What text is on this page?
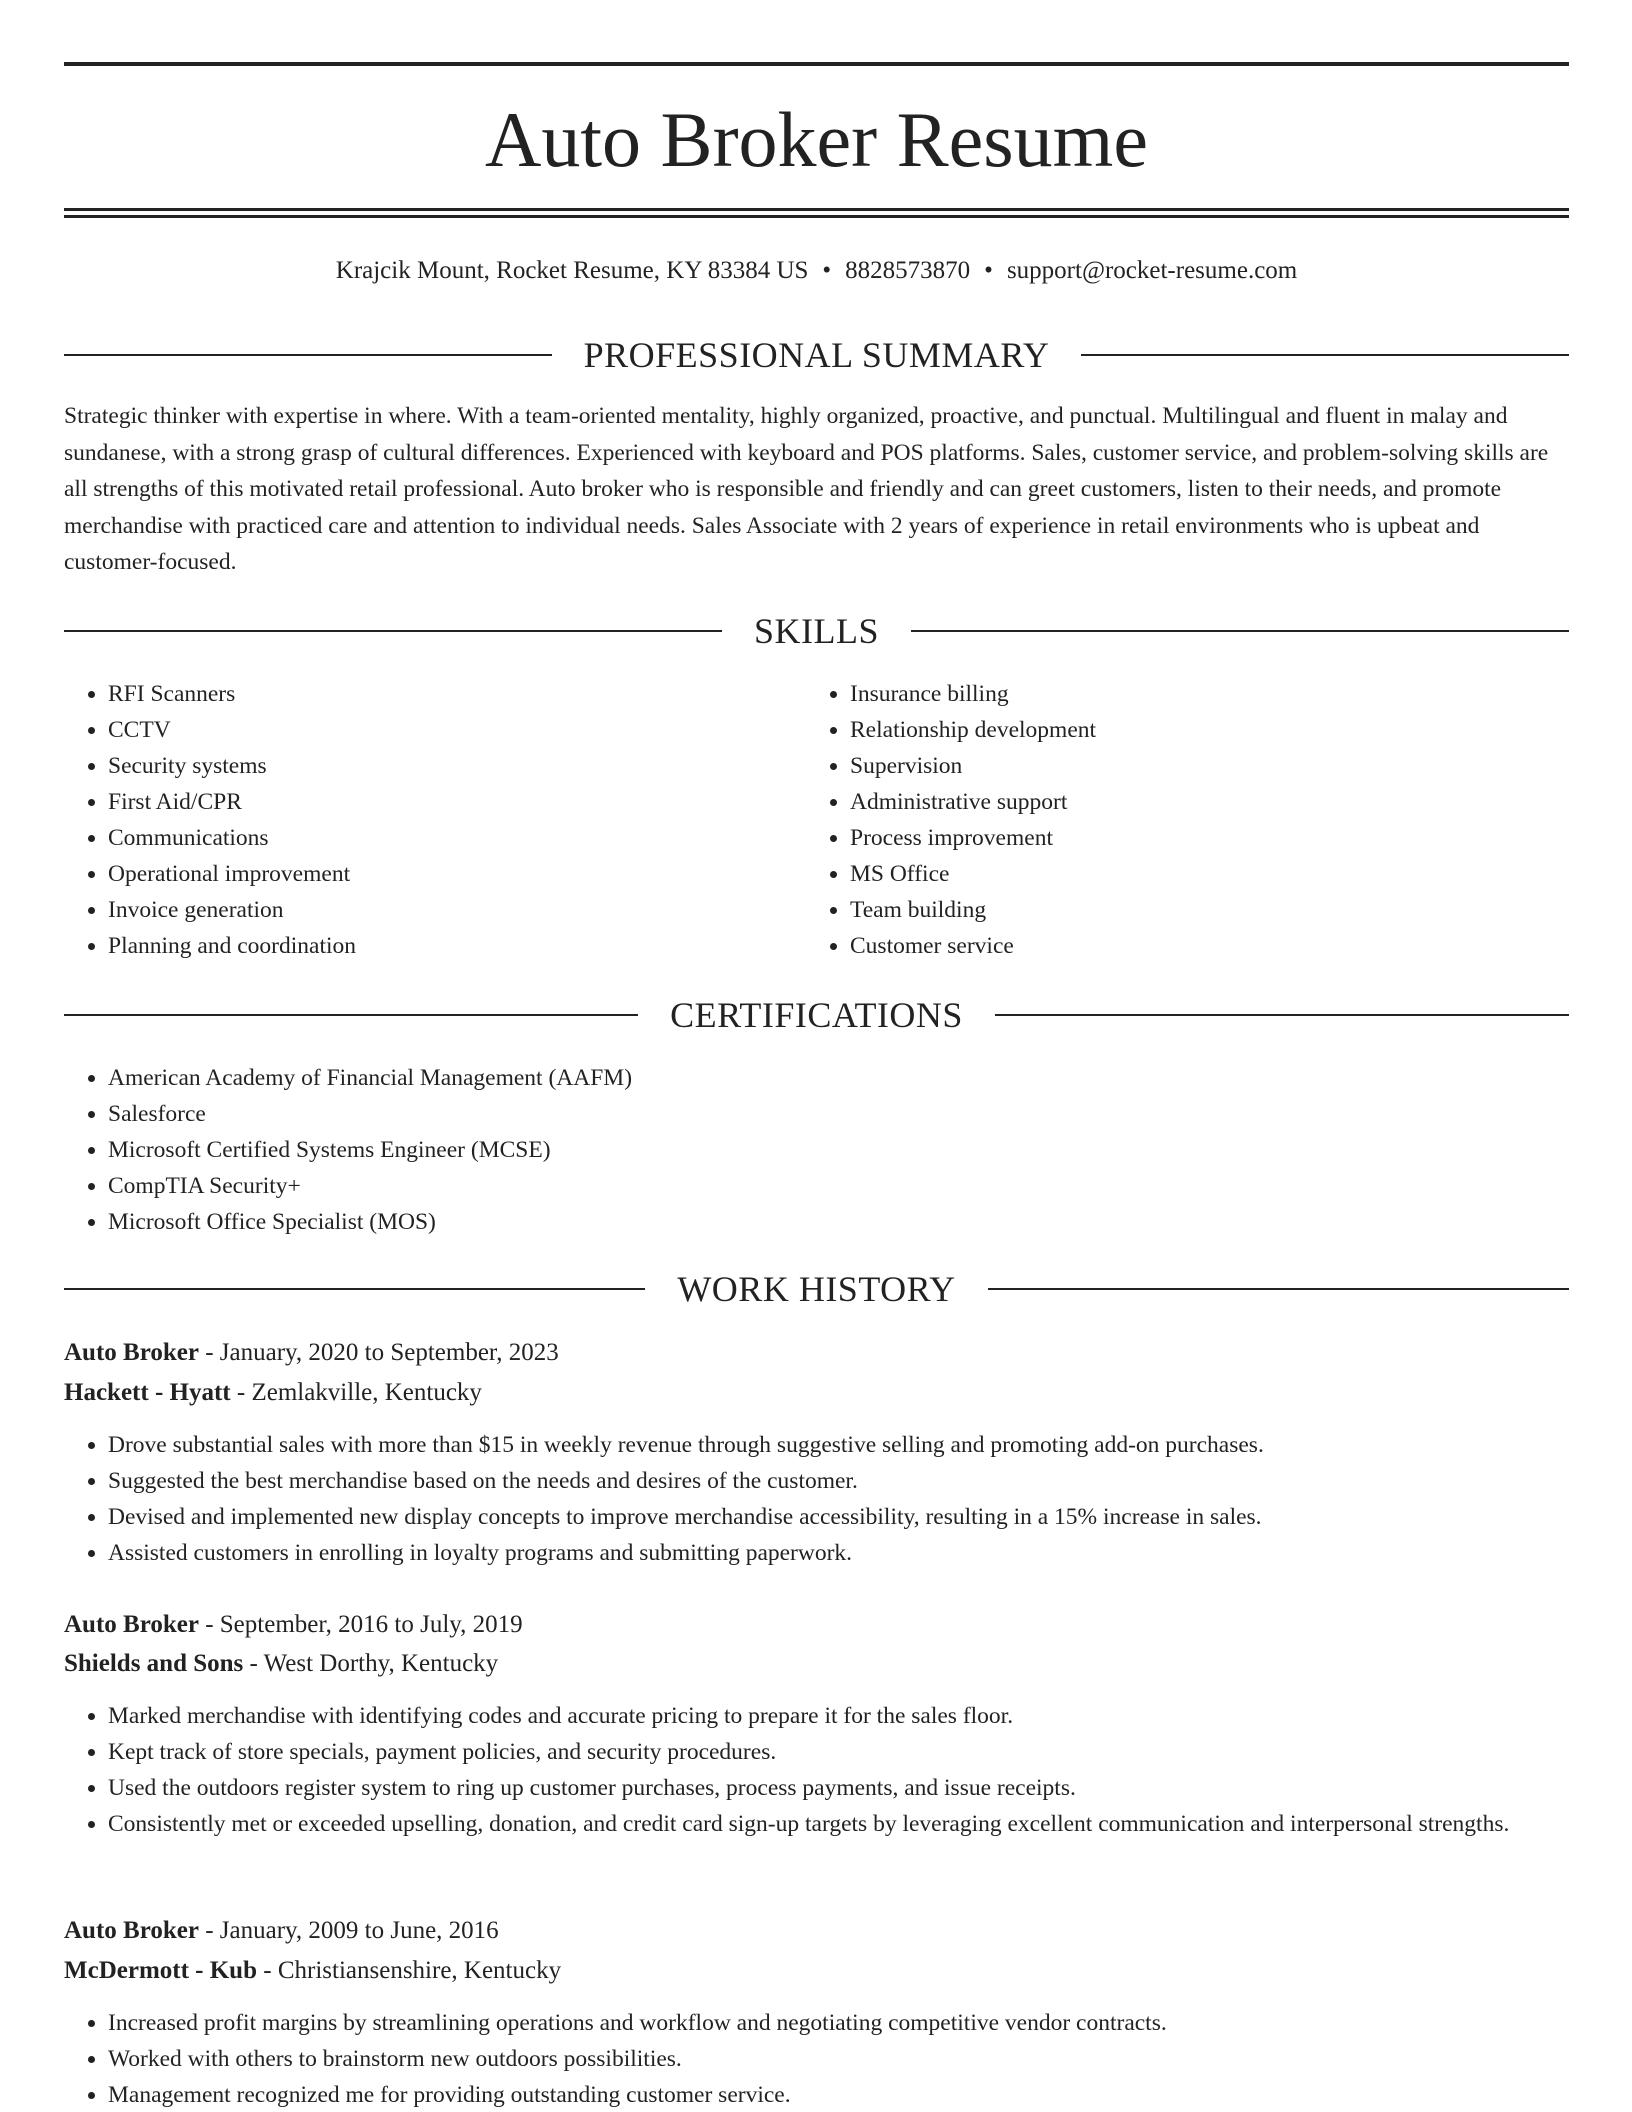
Auto Broker Resume
Krajcik Mount, Rocket Resume, KY 83384 US • 8828573870 • support@rocket-resume.com
PROFESSIONAL SUMMARY

Strategic thinker with expertise in where. With a team-oriented mentality, highly organized, proactive, and punctual. Multilingual and fluent in malay and sundanese, with a strong grasp of cultural differences. Experienced with keyboard and POS platforms. Sales, customer service, and problem-solving skills are all strengths of this motivated retail professional. Auto broker who is responsible and friendly and can greet customers, listen to their needs, and promote merchandise with practiced care and attention to individual needs. Sales Associate with 2 years of experience in retail environments who is upbeat and customer-focused.

SKILLS
• RFI Scanners
• CCTV
• Security systems
• First Aid/CPR
• Communications
• Operational improvement
• Invoice generation
• Planning and coordination
• Insurance billing
• Relationship development
• Supervision
• Administrative support
• Process improvement
• MS Office
• Team building
• Customer service
CERTIFICATIONS
• American Academy of Financial Management (AAFM)
• Salesforce
• Microsoft Certified Systems Engineer (MCSE)
• CompTIA Security+
• Microsoft Office Specialist (MOS)
WORK HISTORY
Auto Broker - January, 2020 to September, 2023
Hackett - Hyatt - Zemlakville, Kentucky
• Drove substantial sales with more than $15 in weekly revenue through suggestive selling and promoting add-on purchases.
• Suggested the best merchandise based on the needs and desires of the customer.
• Devised and implemented new display concepts to improve merchandise accessibility, resulting in a 15% increase in sales.
• Assisted customers in enrolling in loyalty programs and submitting paperwork.
Auto Broker - September, 2016 to July, 2019
Shields and Sons - West Dorthy, Kentucky
• Marked merchandise with identifying codes and accurate pricing to prepare it for the sales floor.
• Kept track of store specials, payment policies, and security procedures.
• Used the outdoors register system to ring up customer purchases, process payments, and issue receipts.
• Consistently met or exceeded upselling, donation, and credit card sign-up targets by leveraging excellent communication and interpersonal strengths.
Auto Broker - January, 2009 to June, 2016
McDermott - Kub - Christiansenshire, Kentucky
• Increased profit margins by streamlining operations and workflow and negotiating competitive vendor contracts.
• Worked with others to brainstorm new outdoors possibilities.
• Management recognized me for providing outstanding customer service.
